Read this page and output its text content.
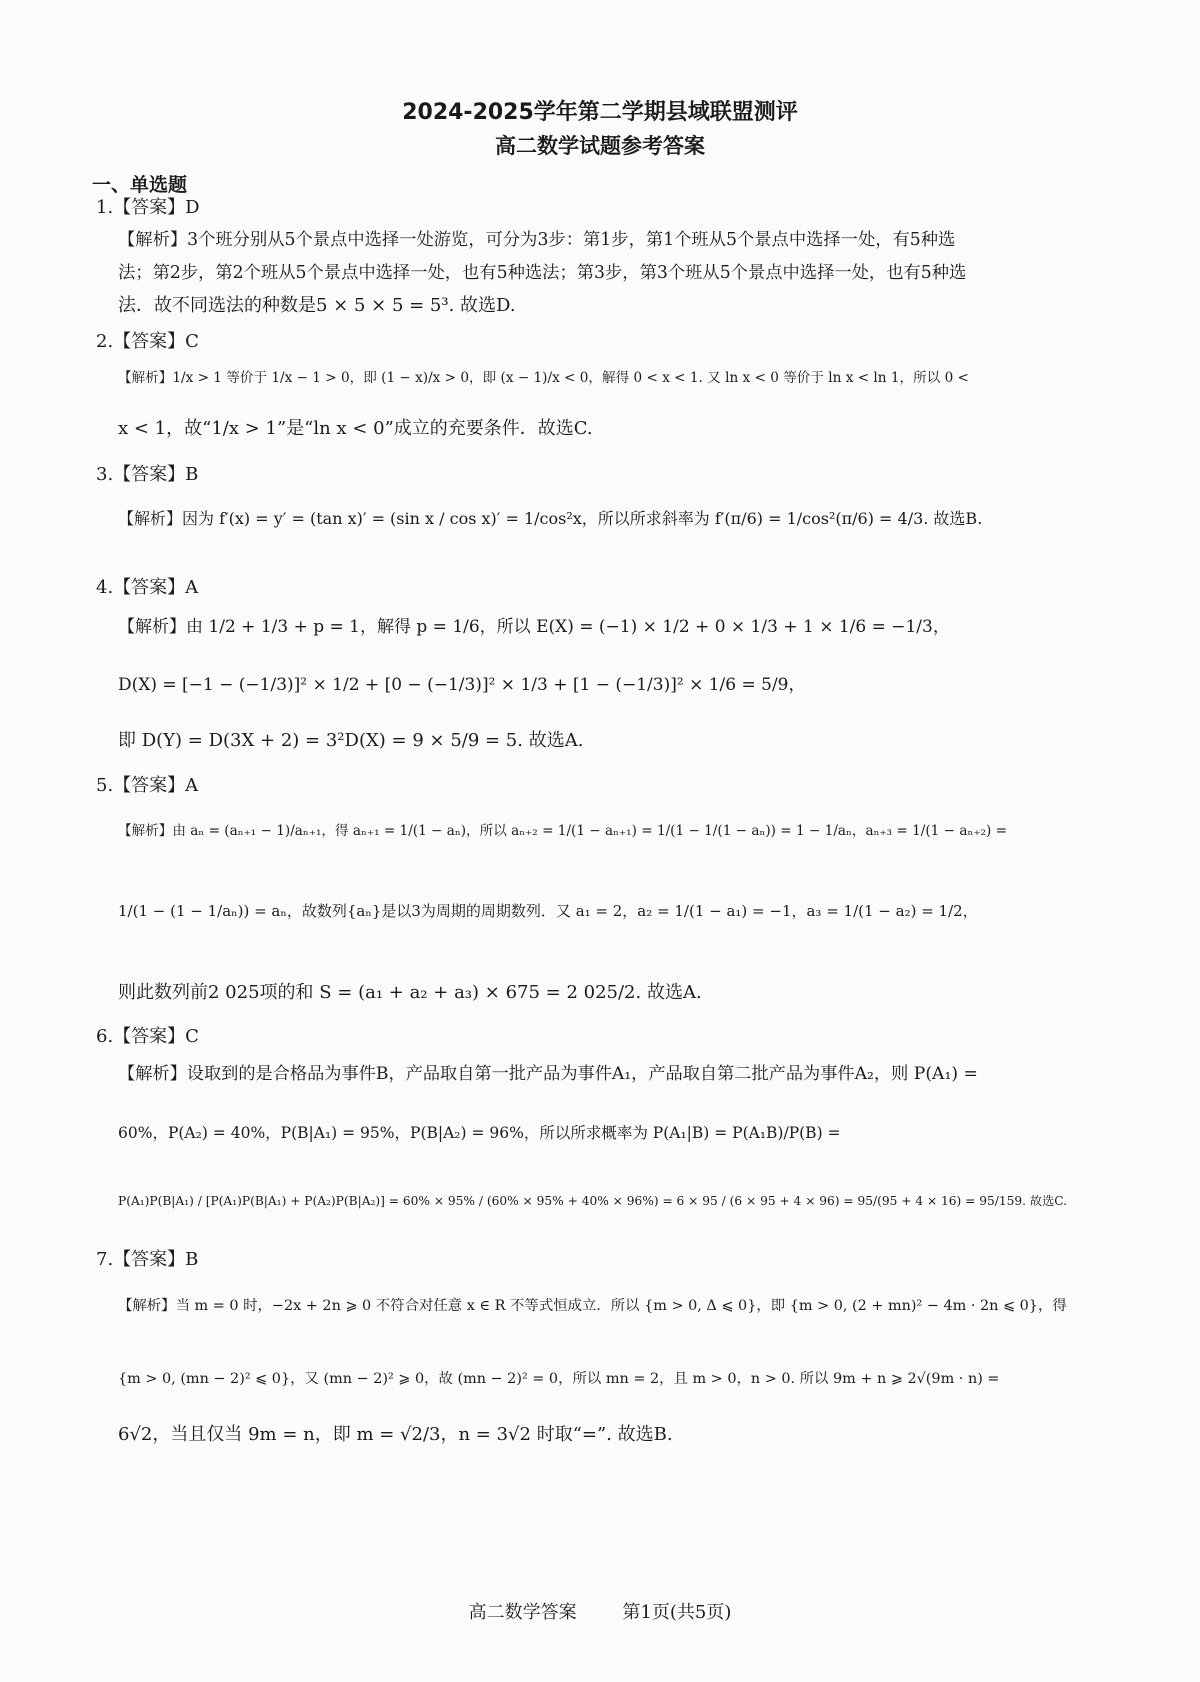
2024-2025学年第二学期县域联盟测评
高二数学试题参考答案
一、单选题
1.【答案】D
【解析】3个班分别从5个景点中选择一处游览，可分为3步：第1步，第1个班从5个景点中选择一处，有5种选
法；第2步，第2个班从5个景点中选择一处，也有5种选法；第3步，第3个班从5个景点中选择一处，也有5种选
法．故不同选法的种数是5 × 5 × 5 = 5³. 故选D.
2.【答案】C
【解析】1/x > 1 等价于 1/x − 1 > 0，即 (1 − x)/x > 0，即 (x − 1)/x < 0，解得 0 < x < 1. 又 ln x < 0 等价于 ln x < ln 1，所以 0 <
x < 1，故“1/x > 1”是“ln x < 0”成立的充要条件．故选C.
3.【答案】B
【解析】因为 f′(x) = y′ = (tan x)′ = (sin x / cos x)′ = 1/cos²x，所以所求斜率为 f′(π/6) = 1/cos²(π/6) = 4/3. 故选B.
4.【答案】A
【解析】由 1/2 + 1/3 + p = 1，解得 p = 1/6，所以 E(X) = (−1) × 1/2 + 0 × 1/3 + 1 × 1/6 = −1/3，
D(X) = [−1 − (−1/3)]² × 1/2 + [0 − (−1/3)]² × 1/3 + [1 − (−1/3)]² × 1/6 = 5/9，
即 D(Y) = D(3X + 2) = 3²D(X) = 9 × 5/9 = 5. 故选A.
5.【答案】A
【解析】由 aₙ = (aₙ₊₁ − 1)/aₙ₊₁，得 aₙ₊₁ = 1/(1 − aₙ)，所以 aₙ₊₂ = 1/(1 − aₙ₊₁) = 1/(1 − 1/(1 − aₙ)) = 1 − 1/aₙ，aₙ₊₃ = 1/(1 − aₙ₊₂) =
1/(1 − (1 − 1/aₙ)) = aₙ，故数列{aₙ}是以3为周期的周期数列．又 a₁ = 2，a₂ = 1/(1 − a₁) = −1，a₃ = 1/(1 − a₂) = 1/2，
则此数列前2 025项的和 S = (a₁ + a₂ + a₃) × 675 = 2 025/2. 故选A.
6.【答案】C
【解析】设取到的是合格品为事件B，产品取自第一批产品为事件A₁，产品取自第二批产品为事件A₂，则 P(A₁) =
60%，P(A₂) = 40%，P(B|A₁) = 95%，P(B|A₂) = 96%，所以所求概率为 P(A₁|B) = P(A₁B)/P(B) =
P(A₁)P(B|A₁) / [P(A₁)P(B|A₁) + P(A₂)P(B|A₂)] = 60% × 95% / (60% × 95% + 40% × 96%) = 6 × 95 / (6 × 95 + 4 × 96) = 95/(95 + 4 × 16) = 95/159. 故选C.
7.【答案】B
【解析】当 m = 0 时，−2x + 2n ⩾ 0 不符合对任意 x ∈ R 不等式恒成立．所以 {m > 0, Δ ⩽ 0}，即 {m > 0, (2 + mn)² − 4m · 2n ⩽ 0}，得
{m > 0, (mn − 2)² ⩽ 0}，又 (mn − 2)² ⩾ 0，故 (mn − 2)² = 0，所以 mn = 2，且 m > 0，n > 0. 所以 9m + n ⩾ 2√(9m · n) =
6√2，当且仅当 9m = n，即 m = √2/3，n = 3√2 时取“=”. 故选B.
高二数学答案	第1页(共5页)
